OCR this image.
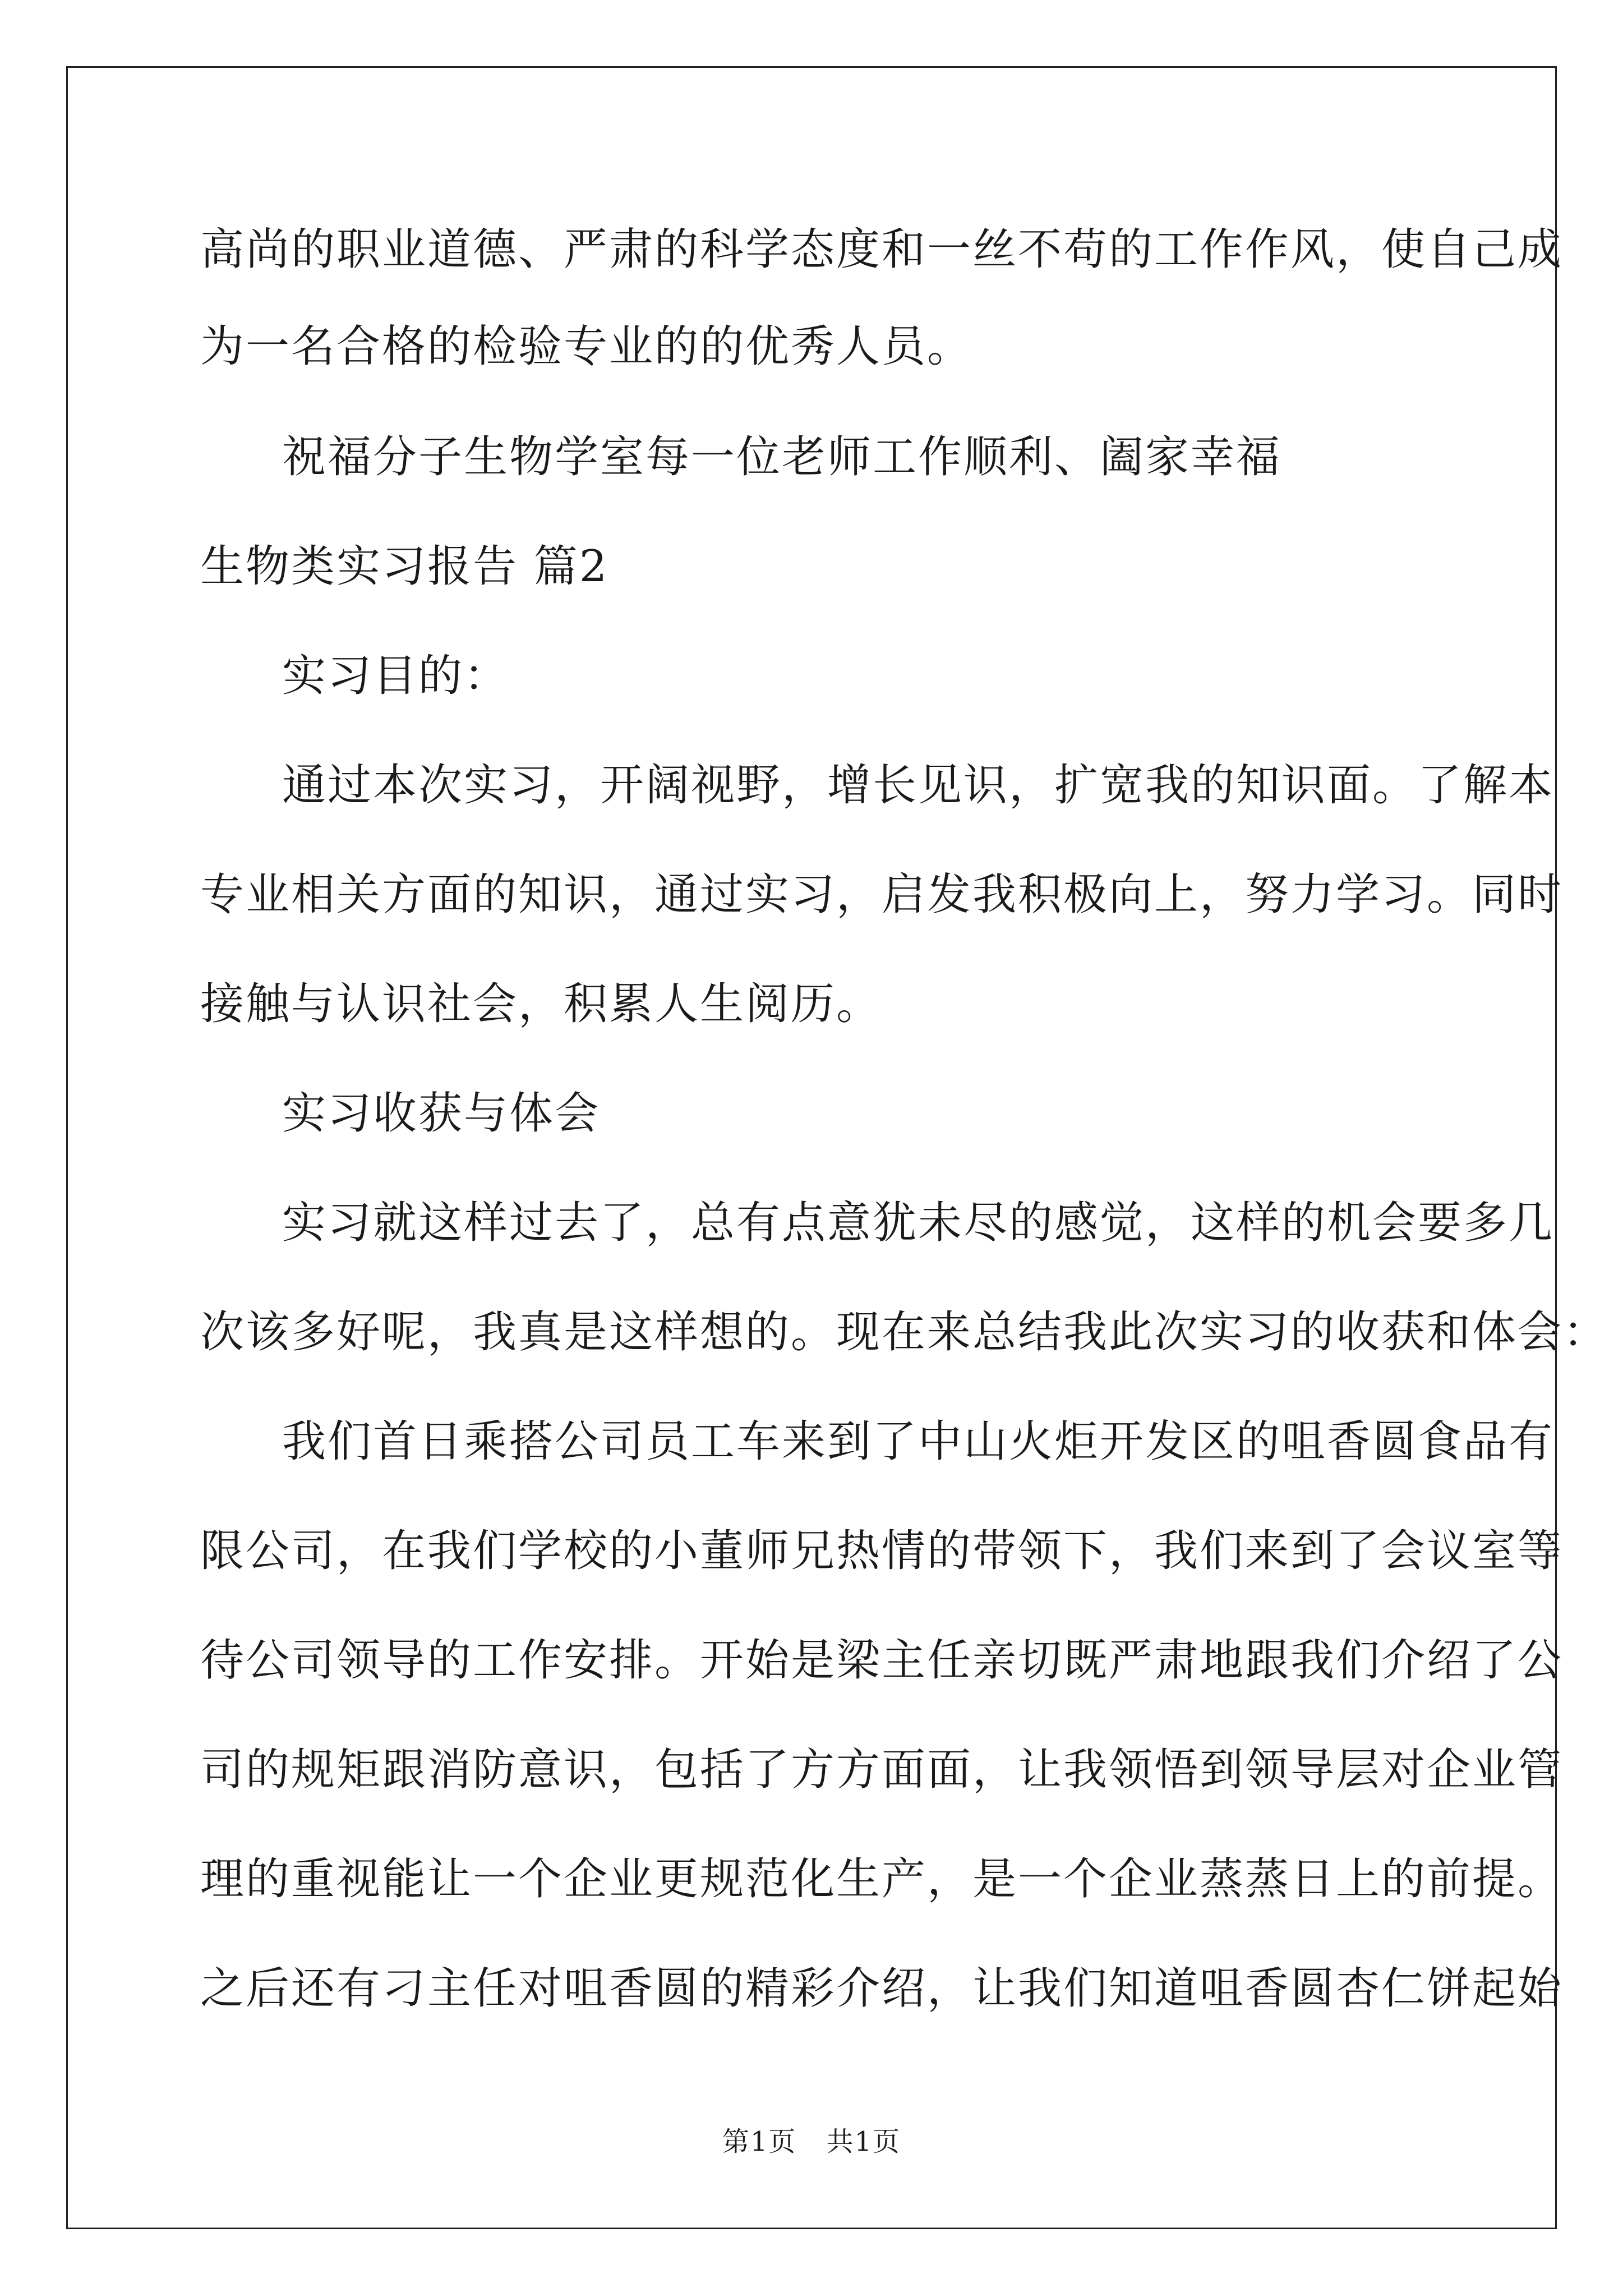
高尚的职业道德、严肃的科学态度和一丝不苟的工作作风，使自己成
为一名合格的检验专业的的优秀人员。
祝福分子生物学室每一位老师工作顺利、阖家幸福
生物类实习报告 篇2
实习目的：
通过本次实习，开阔视野，增长见识，扩宽我的知识面。了解本
专业相关方面的知识，通过实习，启发我积极向上，努力学习。同时
接触与认识社会，积累人生阅历。
实习收获与体会
实习就这样过去了，总有点意犹未尽的感觉，这样的机会要多几
次该多好呢，我真是这样想的。现在来总结我此次实习的收获和体会：
我们首日乘搭公司员工车来到了中山火炬开发区的咀香圆食品有
限公司，在我们学校的小董师兄热情的带领下，我们来到了会议室等
待公司领导的工作安排。开始是梁主任亲切既严肃地跟我们介绍了公
司的规矩跟消防意识，包括了方方面面，让我领悟到领导层对企业管
理的重视能让一个企业更规范化生产，是一个企业蒸蒸日上的前提。
之后还有刁主任对咀香圆的精彩介绍，让我们知道咀香圆杏仁饼起始
第1页 共1页
